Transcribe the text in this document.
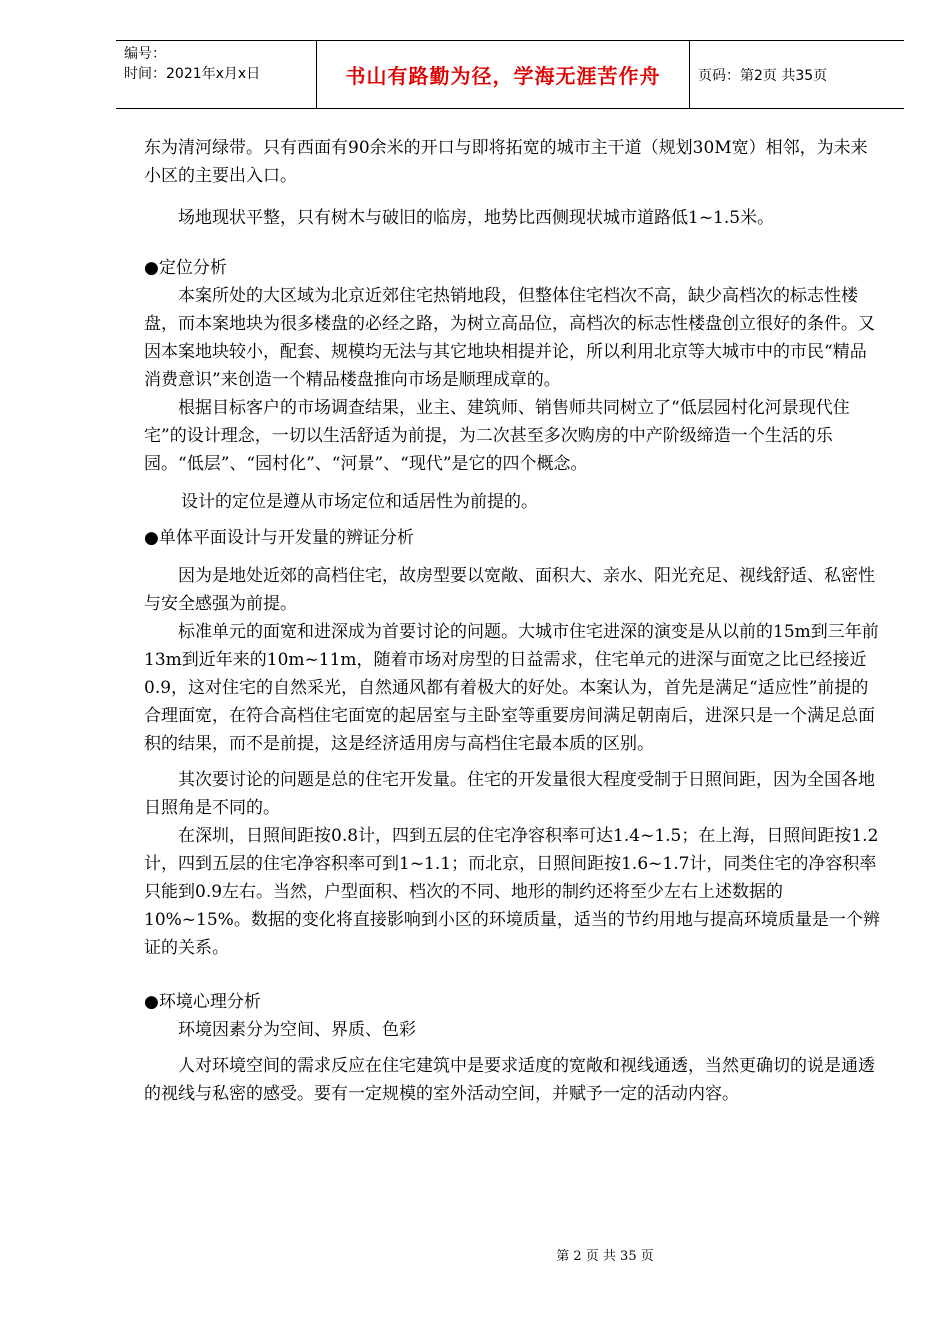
编号：
时间：2021年x月x日	书山有路勤为径，学海无涯苦作舟	页码：第2页 共35页

东为清河绿带。只有西面有90余米的开口与即将拓宽的城市主干道（规划30M宽）相邻，为未来小区的主要出入口。

场地现状平整，只有树木与破旧的临房，地势比西侧现状城市道路低1~1.5米。

●定位分析

本案所处的大区域为北京近郊住宅热销地段，但整体住宅档次不高，缺少高档次的标志性楼盘，而本案地块为很多楼盘的必经之路，为树立高品位，高档次的标志性楼盘创立很好的条件。又因本案地块较小，配套、规模均无法与其它地块相提并论，所以利用北京等大城市中的市民“精品消费意识”来创造一个精品楼盘推向市场是顺理成章的。

根据目标客户的市场调查结果，业主、建筑师、销售师共同树立了“低层园村化河景现代住宅”的设计理念，一切以生活舒适为前提，为二次甚至多次购房的中产阶级缔造一个生活的乐园。“低层”、“园村化”、“河景”、“现代”是它的四个概念。

设计的定位是遵从市场定位和适居性为前提的。

●单体平面设计与开发量的辨证分析

因为是地处近郊的高档住宅，故房型要以宽敞、面积大、亲水、阳光充足、视线舒适、私密性与安全感强为前提。

标准单元的面宽和进深成为首要讨论的问题。大城市住宅进深的演变是从以前的15m到三年前13m到近年来的10m~11m，随着市场对房型的日益需求，住宅单元的进深与面宽之比已经接近0.9，这对住宅的自然采光，自然通风都有着极大的好处。本案认为，首先是满足“适应性”前提的合理面宽，在符合高档住宅面宽的起居室与主卧室等重要房间满足朝南后，进深只是一个满足总面积的结果，而不是前提，这是经济适用房与高档住宅最本质的区别。

其次要讨论的问题是总的住宅开发量。住宅的开发量很大程度受制于日照间距，因为全国各地日照角是不同的。

在深圳，日照间距按0.8计，四到五层的住宅净容积率可达1.4~1.5；在上海，日照间距按1.2计，四到五层的住宅净容积率可到1~1.1；而北京，日照间距按1.6~1.7计，同类住宅的净容积率只能到0.9左右。当然，户型面积、档次的不同、地形的制约还将至少左右上述数据的10%~15%。数据的变化将直接影响到小区的环境质量，适当的节约用地与提高环境质量是一个辨证的关系。

●环境心理分析

环境因素分为空间、界质、色彩

人对环境空间的需求反应在住宅建筑中是要求适度的宽敞和视线通透，当然更确切的说是通透的视线与私密的感受。要有一定规模的室外活动空间，并赋予一定的活动内容。

第 2 页 共 35 页
